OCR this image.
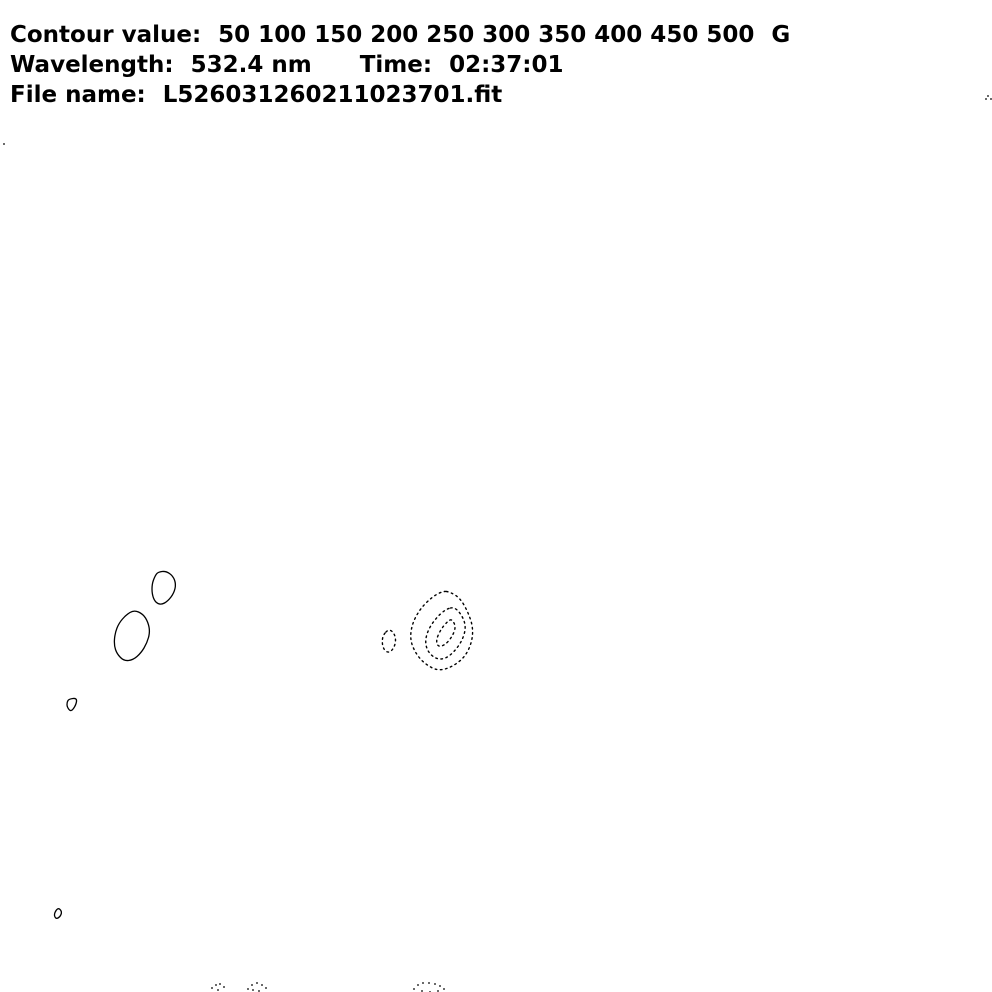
Contour value: 50 100 150 200 250 300 350 400 450 500 G
Wavelength: 532.4 nm Time: 02:37:01
File name: L526031260211023701.fit
